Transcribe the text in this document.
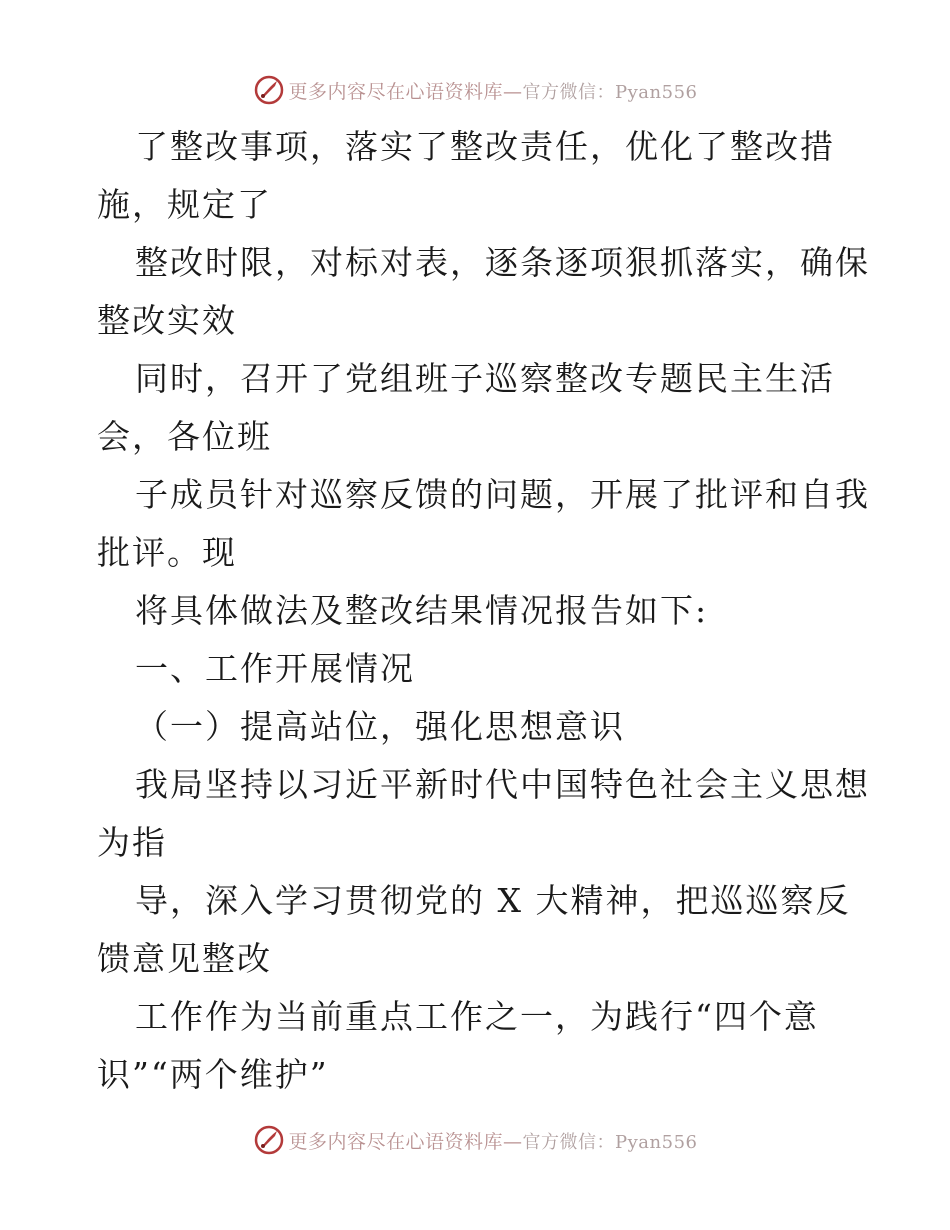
更多内容尽在心语资料库—官方微信：Pyan556
了整改事项，落实了整改责任，优化了整改措
施，规定了
整改时限，对标对表，逐条逐项狠抓落实，确保
整改实效
同时，召开了党组班子巡察整改专题民主生活
会，各位班
子成员针对巡察反馈的问题，开展了批评和自我
批评。现
将具体做法及整改结果情况报告如下:
一、工作开展情况
（一）提高站位，强化思想意识
我局坚持以习近平新时代中国特色社会主义思想
为指
导，深入学习贯彻党的 X 大精神，把巡巡察反
馈意见整改
工作作为当前重点工作之一，为践行“四个意
识”“两个维护”
更多内容尽在心语资料库—官方微信：Pyan556
